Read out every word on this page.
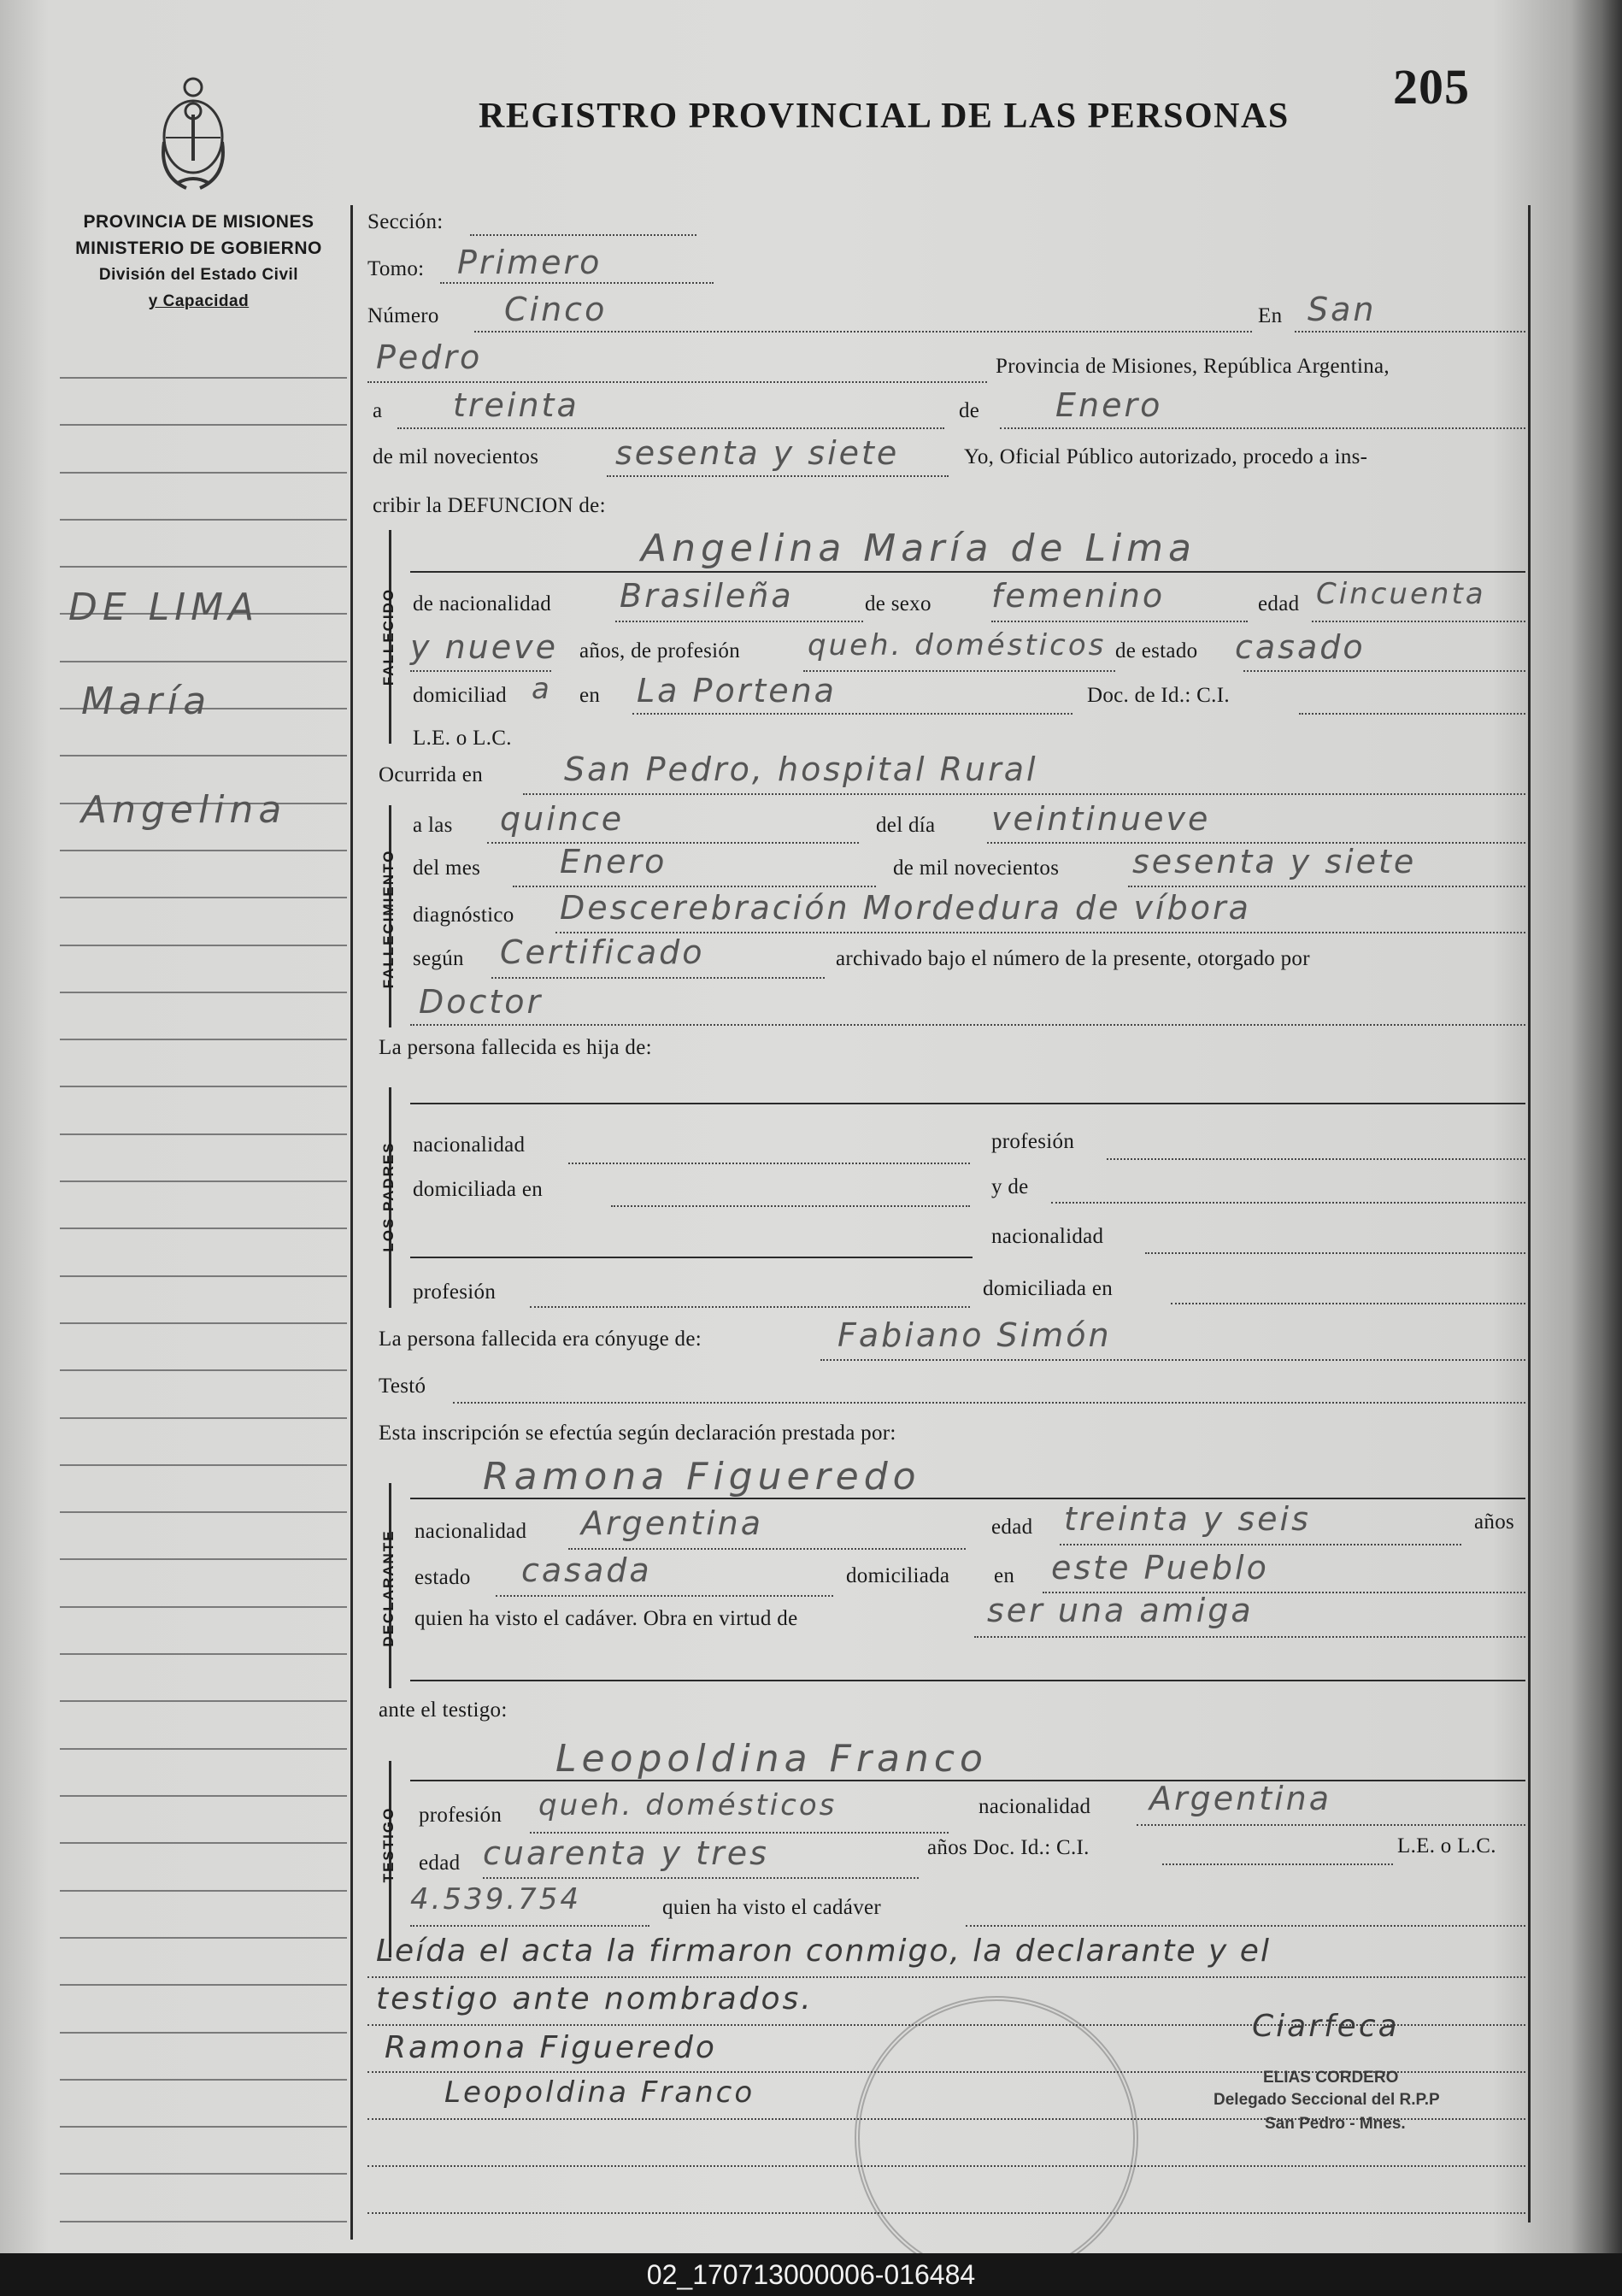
REGISTRO PROVINCIAL DE LAS PERSONAS
205
PROVINCIA DE MISIONES
MINISTERIO DE GOBIERNO
División del Estado Civil
y Capacidad
DE LIMA
María
Angelina
Sección:
Tomo: Primero
Número Cinco	En San
Pedro	Provincia de Misiones, República Argentina,
a treinta	de Enero
de mil novecientos sesenta y siete	Yo, Oficial Público autorizado, procedo a ins-
cribir la DEFUNCION de:
FALLECIDO
Angelina María de Lima
de nacionalidad Brasileña	de sexo femenino	edad Cincuenta
y nueve años, de profesión queh. domésticos de estado casado
domiciliad a en La Portena	Doc. de Id.: C.I.
L.E. o L.C.
Ocurrida en	San Pedro, hospital Rural
FALLECIMIENTO
a las quince	del día veintinueve
del mes Enero	de mil novecientos sesenta y siete
diagnóstico Descerebración Mordedura de víbora
según Certificado	archivado bajo el número de la presente, otorgado por
Doctor
La persona fallecida es hija de:
LOS PADRES nacionalidad	profesión
domiciliada en	y de
nacionalidad
profesión	domiciliada en
La persona fallecida era cónyuge de:	Fabiano Simón
Testó
Esta inscripción se efectúa según declaración prestada por:
DECLARANTE
Ramona Figueredo
nacionalidad Argentina	edad treinta y seis	años
estado casada	domiciliada en este Pueblo
quien ha visto el cadáver. Obra en virtud de	ser una amiga
ante el testigo:
TESTIGO
Leopoldina Franco
profesión queh. domésticos	nacionalidad Argentina
edad cuarenta y tres	años Doc. Id.: C.I.	L.E. o L.C.
4.539.754	quien ha visto el cadáver
Leída el acta la firmaron conmigo, la declarante y el
testigo ante nombrados.
Ramona Figueredo
Leopoldina Franco
Ciarfeca
ELIAS CORDERO
Delegado Seccional del R.P.P
San Pedro - Mnes.
02_170713000006-016484
